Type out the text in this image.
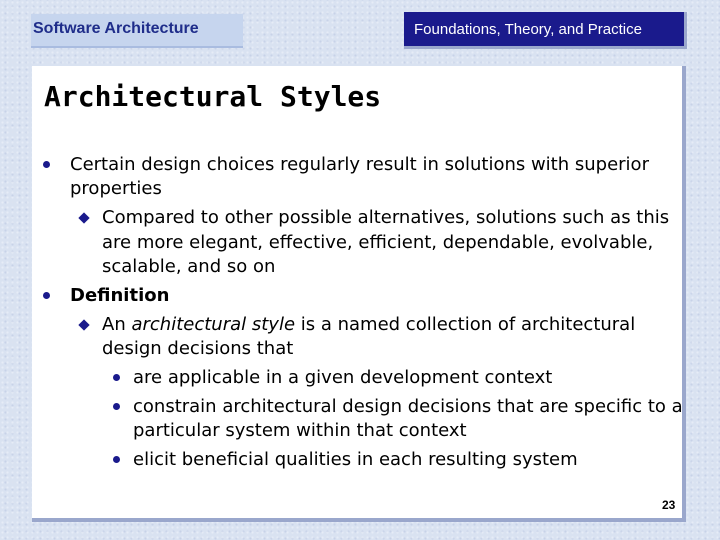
Software Architecture	Foundations, Theory, and Practice
Architectural Styles
Certain design choices regularly result in solutions with superior
properties
Compared to other possible alternatives, solutions such as this
are more elegant, effective, efficient, dependable, evolvable,
scalable, and so on
Definition
An architectural style is a named collection of architectural
design decisions that
are applicable in a given development context
constrain architectural design decisions that are specific to a
particular system within that context
elicit beneficial qualities in each resulting system
23
